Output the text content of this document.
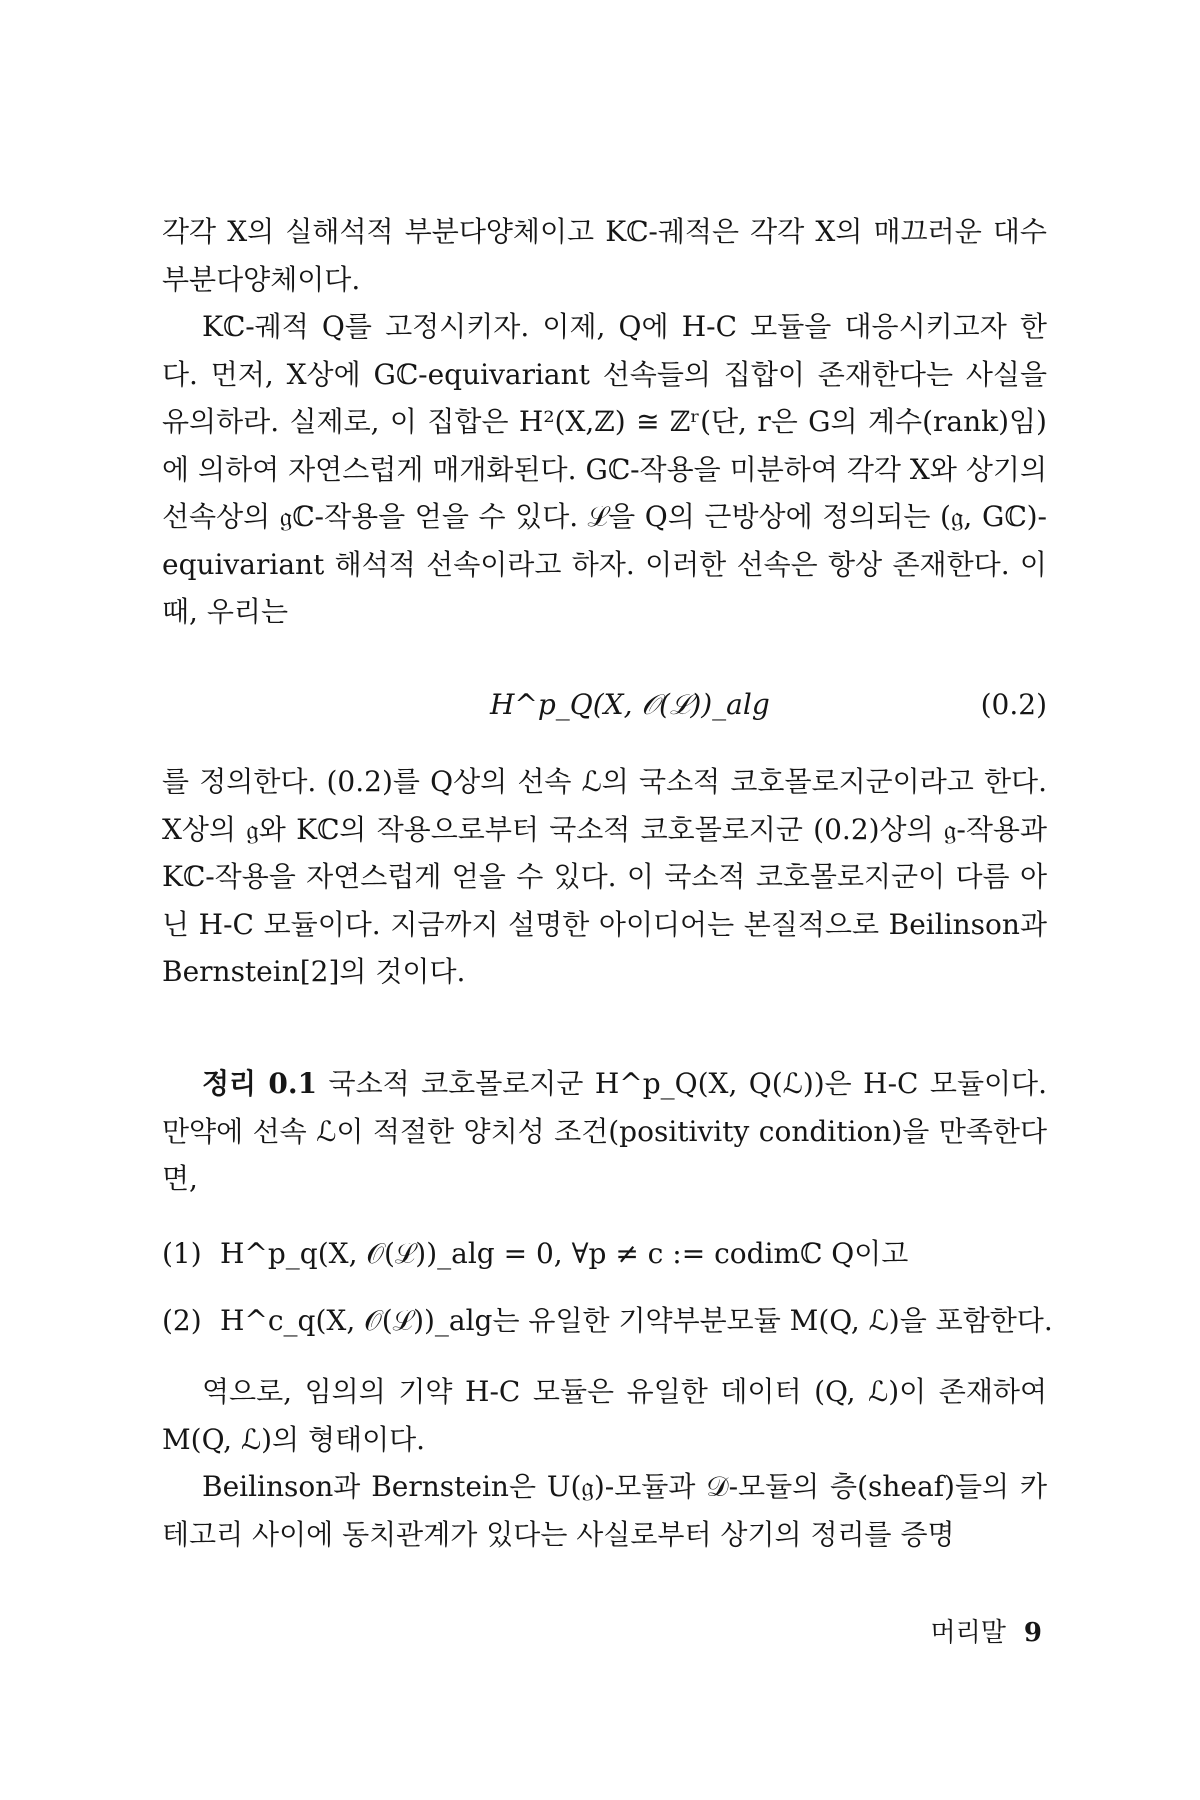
각각 X의 실해석적 부분다양체이고 Kℂ-궤적은 각각 X의 매끄러운 대수 부분다양체이다.

Kℂ-궤적 Q를 고정시키자. 이제, Q에 H-C 모듈을 대응시키고자 한다. 먼저, X상에 Gℂ-equivariant 선속들의 집합이 존재한다는 사실을 유의하라. 실제로, 이 집합은 H²(X,ℤ) ≅ ℤʳ(단, r은 G의 계수(rank)임)에 의하여 자연스럽게 매개화된다. Gℂ-작용을 미분하여 각각 X와 상기의 선속상의 𝔤ℂ-작용을 얻을 수 있다. ℒ을 Q의 근방상에 정의되는 (𝔤, Gℂ)-equivariant 해석적 선속이라고 하자. 이러한 선속은 항상 존재한다. 이때, 우리는

H^p_Q(X, 𝒪(ℒ))_alg	(0.2)

를 정의한다. (0.2)를 Q상의 선속 ℒ의 국소적 코호몰로지군이라고 한다. X상의 𝔤와 Kℂ의 작용으로부터 국소적 코호몰로지군 (0.2)상의 𝔤-작용과 Kℂ-작용을 자연스럽게 얻을 수 있다. 이 국소적 코호몰로지군이 다름 아닌 H-C 모듈이다. 지금까지 설명한 아이디어는 본질적으로 Beilinson과 Bernstein[2]의 것이다.

정리 0.1 국소적 코호몰로지군 H^p_Q(X, Q(ℒ))은 H-C 모듈이다. 만약에 선속 ℒ이 적절한 양치성 조건(positivity condition)을 만족한다면,

(1) H^p_q(X, 𝒪(ℒ))_alg = 0, ∀p ≠ c := codimℂ Q이고
(2) H^c_q(X, 𝒪(ℒ))_alg는 유일한 기약부분모듈 M(Q, ℒ)을 포함한다.

역으로, 임의의 기약 H-C 모듈은 유일한 데이터 (Q, ℒ)이 존재하여 M(Q, ℒ)의 형태이다.

Beilinson과 Bernstein은 U(𝔤)-모듈과 𝒟-모듈의 층(sheaf)들의 카테고리 사이에 동치관계가 있다는 사실로부터 상기의 정리를 증명

머리말 9
